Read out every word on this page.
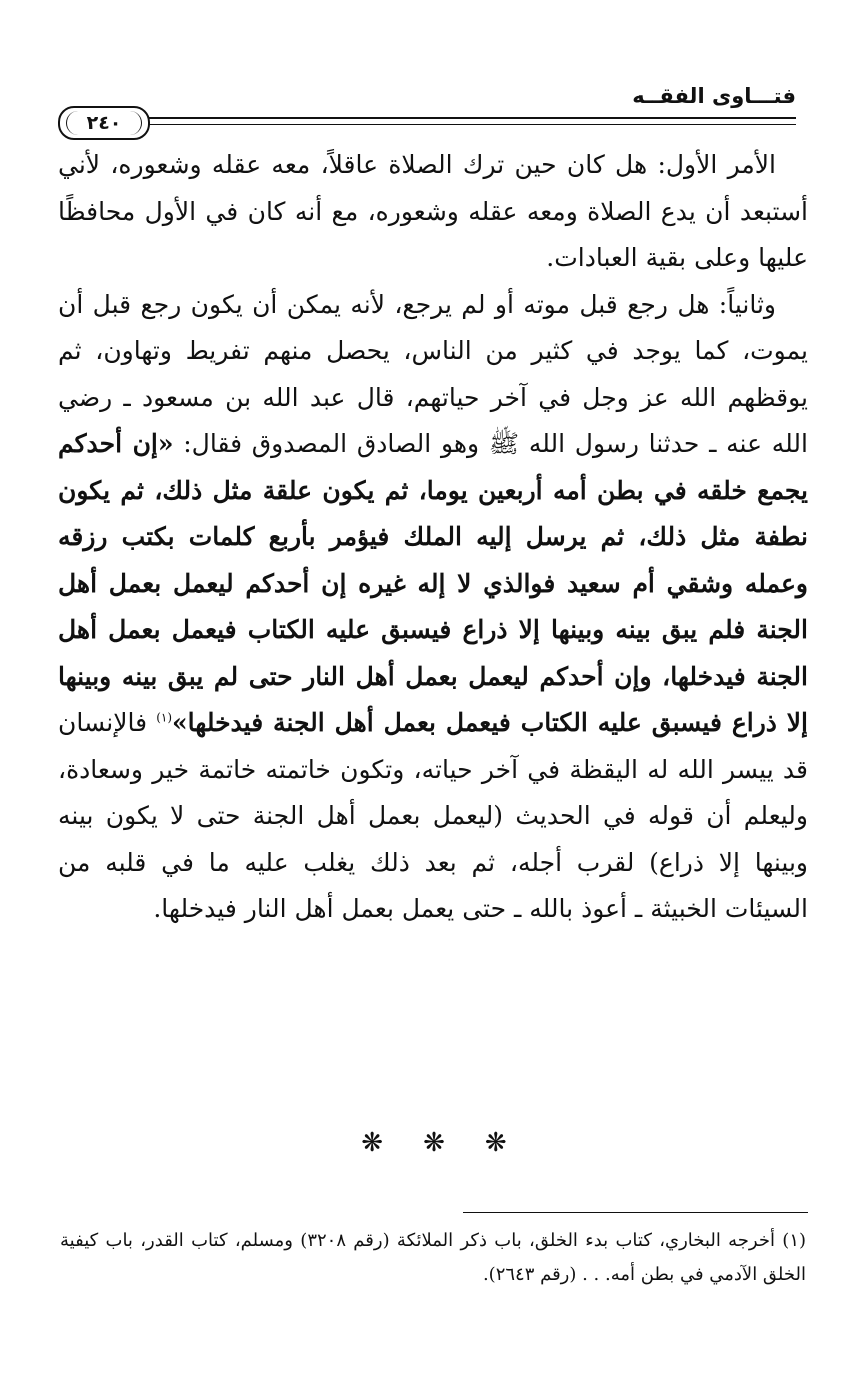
فتـــاوى الفقــه
٢٤٠

الأمر الأول: هل كان حين ترك الصلاة عاقلاً، معه عقله وشعوره، لأني أستبعد أن يدع الصلاة ومعه عقله وشعوره، مع أنه كان في الأول محافظًا عليها وعلى بقية العبادات.

وثانياً: هل رجع قبل موته أو لم يرجع، لأنه يمكن أن يكون رجع قبل أن يموت، كما يوجد في كثير من الناس، يحصل منهم تفريط وتهاون، ثم يوقظهم الله عز وجل في آخر حياتهم، قال عبد الله بن مسعود ـ رضي الله عنه ـ حدثنا رسول الله ﷺ وهو الصادق المصدوق فقال: «إن أحدكم يجمع خلقه في بطن أمه أربعين يوما، ثم يكون علقة مثل ذلك، ثم يكون نطفة مثل ذلك، ثم يرسل إليه الملك فيؤمر بأربع كلمات بكتب رزقه وعمله وشقي أم سعيد فوالذي لا إله غيره إن أحدكم ليعمل بعمل أهل الجنة فلم يبق بينه وبينها إلا ذراع فيسبق عليه الكتاب فيعمل بعمل أهل الجنة فيدخلها، وإن أحدكم ليعمل بعمل أهل النار حتى لم يبق بينه وبينها إلا ذراع فيسبق عليه الكتاب فيعمل بعمل أهل الجنة فيدخلها»$^{(١)}$ فالإنسان قد ييسر الله له اليقظة في آخر حياته، وتكون خاتمته خاتمة خير وسعادة، وليعلم أن قوله في الحديث (ليعمل بعمل أهل الجنة حتى لا يكون بينه وبينها إلا ذراع) لقرب أجله، ثم بعد ذلك يغلب عليه ما في قلبه من السيئات الخبيثة ـ أعوذ بالله ـ حتى يعمل بعمل أهل النار فيدخلها.

❋ ❋ ❋
(١) أخرجه البخاري، كتاب بدء الخلق، باب ذكر الملائكة (رقم ٣٢٠٨) ومسلم، كتاب القدر، باب كيفية الخلق الآدمي في بطن أمه. . . (رقم ٢٦٤٣).
